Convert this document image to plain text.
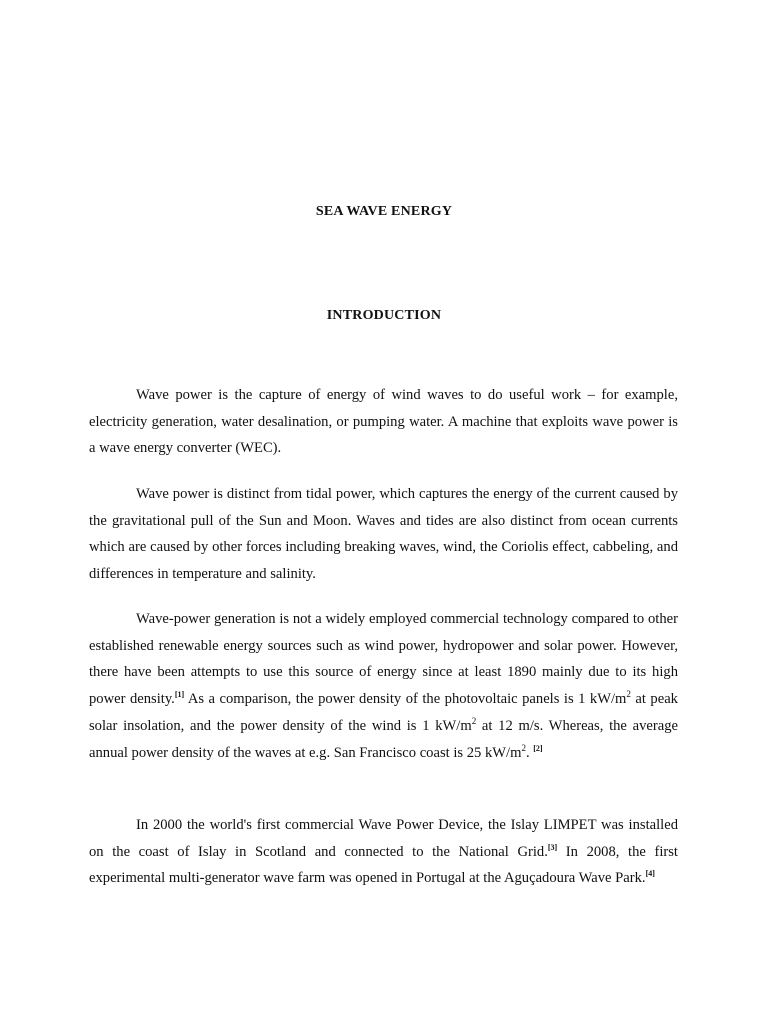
SEA WAVE ENERGY
INTRODUCTION

Wave power is the capture of energy of wind waves to do useful work – for example, electricity generation, water desalination, or pumping water. A machine that exploits wave power is a wave energy converter (WEC).

Wave power is distinct from tidal power, which captures the energy of the current caused by the gravitational pull of the Sun and Moon. Waves and tides are also distinct from ocean currents which are caused by other forces including breaking waves, wind, the Coriolis effect, cabbeling, and differences in temperature and salinity.

Wave-power generation is not a widely employed commercial technology compared to other established renewable energy sources such as wind power, hydropower and solar power. However, there have been attempts to use this source of energy since at least 1890 mainly due to its high power density.[1] As a comparison, the power density of the photovoltaic panels is 1 $kW/m^2$ at peak solar insolation, and the power density of the wind is 1 $kW/m^2$ at 12 m/s. Whereas, the average annual power density of the waves at e.g. San Francisco coast is 25 $kW/m^2$. [2]

In 2000 the world's first commercial Wave Power Device, the Islay LIMPET was installed on the coast of Islay in Scotland and connected to the National Grid.[3] In 2008, the first experimental multi-generator wave farm was opened in Portugal at the Aguçadoura Wave Park.[4]
